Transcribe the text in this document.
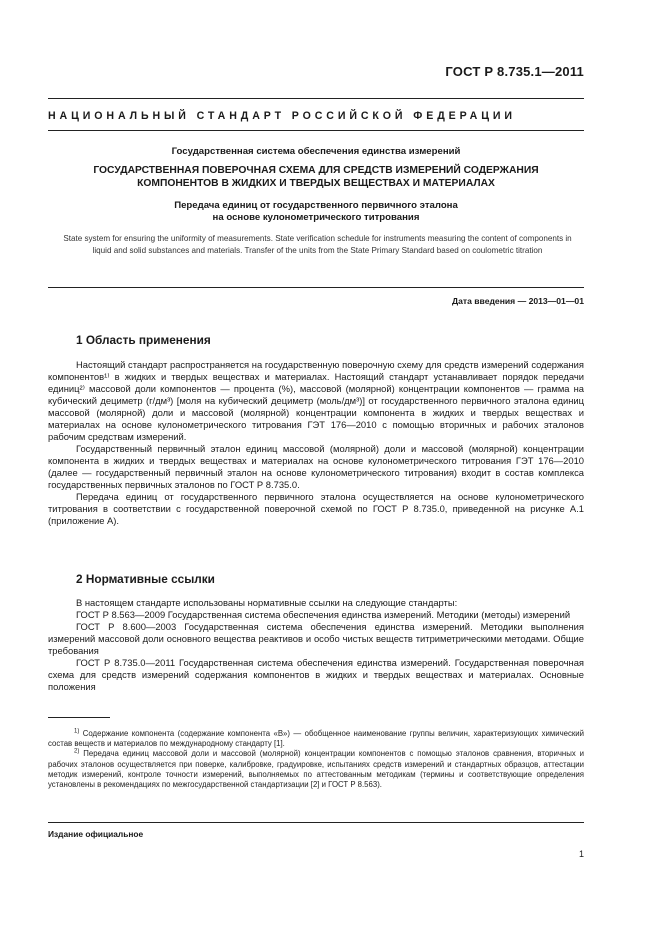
ГОСТ Р 8.735.1—2011
НАЦИОНАЛЬНЫЙ СТАНДАРТ РОССИЙСКОЙ ФЕДЕРАЦИИ
Государственная система обеспечения единства измерений
ГОСУДАРСТВЕННАЯ ПОВЕРОЧНАЯ СХЕМА ДЛЯ СРЕДСТВ ИЗМЕРЕНИЙ СОДЕРЖАНИЯ
КОМПОНЕНТОВ В ЖИДКИХ И ТВЕРДЫХ ВЕЩЕСТВАХ И МАТЕРИАЛАХ
Передача единиц от государственного первичного эталона
на основе кулонометрического титрования
State system for ensuring the uniformity of measurements. State verification schedule for instruments measuring the content of components in liquid and solid substances and materials. Transfer of the units from the State Primary Standard based on coulometric titration
Дата введения — 2013—01—01
1 Область применения

Настоящий стандарт распространяется на государственную поверочную схему для средств измерений содержания компонентов¹⁾ в жидких и твердых веществах и материалах. Настоящий стандарт устанавливает порядок передачи единиц²⁾ массовой доли компонентов — процента (%), массовой (молярной) концентрации компонентов — грамма на кубический дециметр (г/дм³) [моля на кубический дециметр (моль/дм³)] от государственного первичного эталона единиц массовой (молярной) доли и массовой (молярной) концентрации компонента в жидких и твердых веществах и материалах на основе кулонометрического титрования ГЭТ 176—2010 с помощью вторичных и рабочих эталонов рабочим средствам измерений.

Государственный первичный эталон единиц массовой (молярной) доли и массовой (молярной) концентрации компонента в жидких и твердых веществах и материалах на основе кулонометрического титрования ГЭТ 176—2010 (далее — государственный первичный эталон на основе кулонометрического титрования) входит в состав комплекса государственных первичных эталонов по ГОСТ Р 8.735.0.

Передача единиц от государственного первичного эталона осуществляется на основе кулонометрического титрования в соответствии с государственной поверочной схемой по ГОСТ Р 8.735.0, приведенной на рисунке А.1 (приложение А).

2 Нормативные ссылки

В настоящем стандарте использованы нормативные ссылки на следующие стандарты:

ГОСТ Р 8.563—2009 Государственная система обеспечения единства измерений. Методики (методы) измерений

ГОСТ Р 8.600—2003 Государственная система обеспечения единства измерений. Методики выполнения измерений массовой доли основного вещества реактивов и особо чистых веществ титриметрическими методами. Общие требования

ГОСТ Р 8.735.0—2011 Государственная система обеспечения единства измерений. Государственная поверочная схема для средств измерений содержания компонентов в жидких и твердых веществах и материалах. Основные положения

$^{1)}$ Содержание компонента (содержание компонента «B») — обобщенное наименование группы величин, характеризующих химический состав веществ и материалов по международному стандарту [1].

$^{2)}$ Передача единиц массовой доли и массовой (молярной) концентрации компонентов с помощью эталонов сравнения, вторичных и рабочих эталонов осуществляется при поверке, калибровке, градуировке, испытаниях средств измерений и стандартных образцов, аттестации методик измерений, контроле точности измерений, выполняемых по аттестованным методикам (термины и соответствующие определения установлены в рекомендациях по межгосударственной стандартизации [2] и ГОСТ Р 8.563).

Издание официальное
1
